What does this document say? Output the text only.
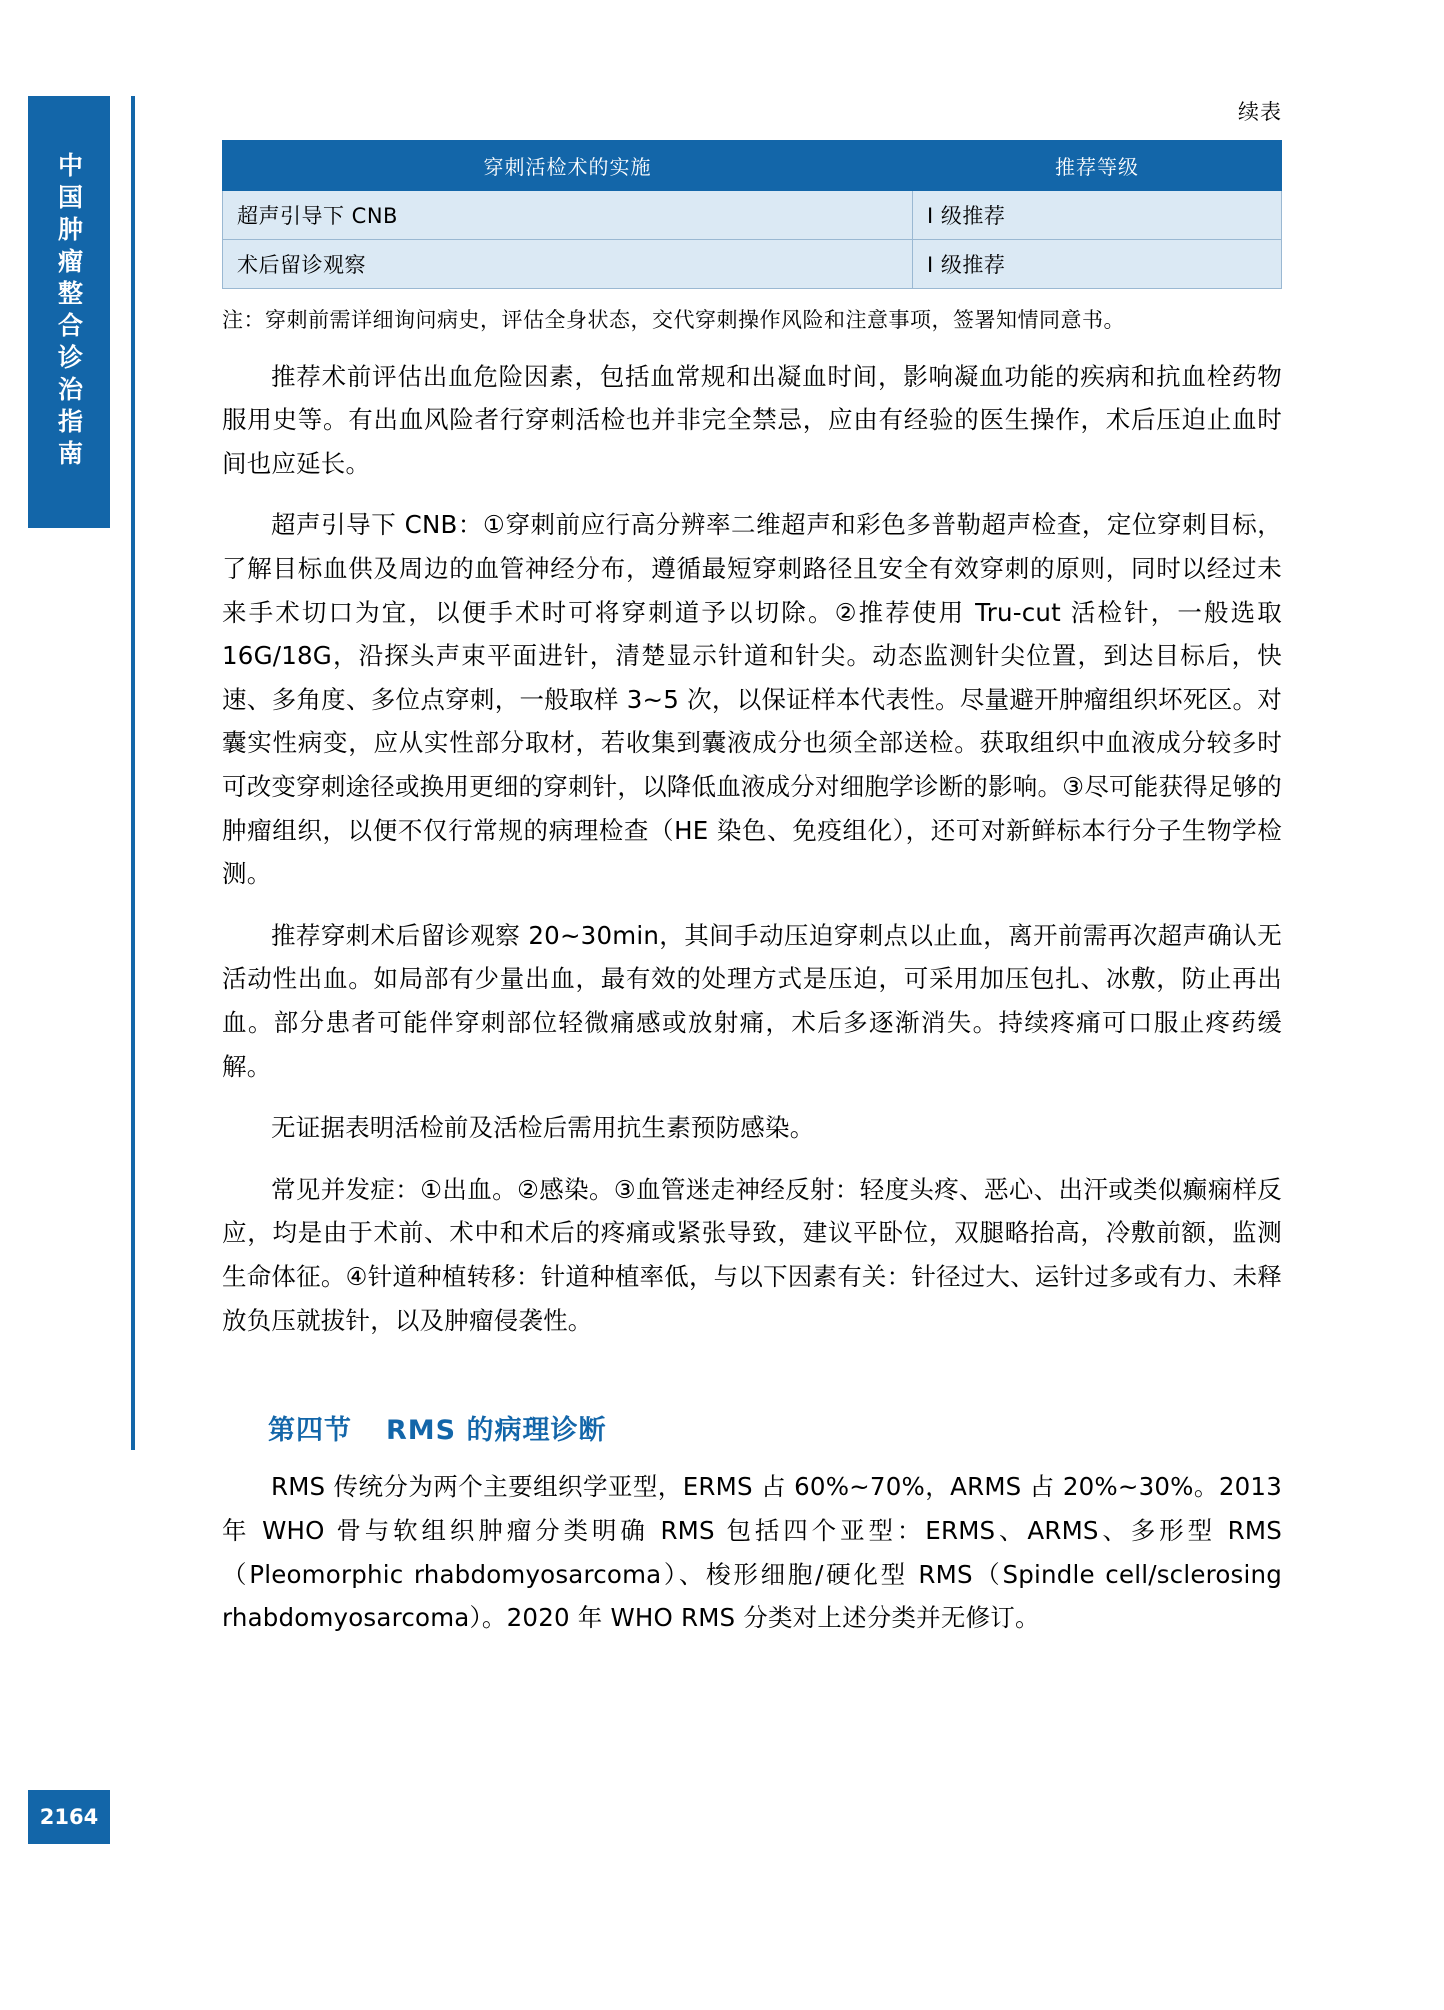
中国肿瘤整合诊治指南
2164
续表
穿刺活检术的实施	推荐等级
超声引导下 CNB	Ⅰ 级推荐
术后留诊观察	Ⅰ 级推荐
注：穿刺前需详细询问病史，评估全身状态，交代穿刺操作风险和注意事项，签署知情同意书。

推荐术前评估出血危险因素，包括血常规和出凝血时间，影响凝血功能的疾病和抗血栓药物服用史等。有出血风险者行穿刺活检也并非完全禁忌，应由有经验的医生操作，术后压迫止血时间也应延长。

超声引导下 CNB：①穿刺前应行高分辨率二维超声和彩色多普勒超声检查，定位穿刺目标，了解目标血供及周边的血管神经分布，遵循最短穿刺路径且安全有效穿刺的原则，同时以经过未来手术切口为宜，以便手术时可将穿刺道予以切除。②推荐使用 Tru-cut 活检针，一般选取 16G/18G，沿探头声束平面进针，清楚显示针道和针尖。动态监测针尖位置，到达目标后，快速、多角度、多位点穿刺，一般取样 3~5 次，以保证样本代表性。尽量避开肿瘤组织坏死区。对囊实性病变，应从实性部分取材，若收集到囊液成分也须全部送检。获取组织中血液成分较多时可改变穿刺途径或换用更细的穿刺针，以降低血液成分对细胞学诊断的影响。③尽可能获得足够的肿瘤组织，以便不仅行常规的病理检查（HE 染色、免疫组化），还可对新鲜标本行分子生物学检测。

推荐穿刺术后留诊观察 20~30min，其间手动压迫穿刺点以止血，离开前需再次超声确认无活动性出血。如局部有少量出血，最有效的处理方式是压迫，可采用加压包扎、冰敷，防止再出血。部分患者可能伴穿刺部位轻微痛感或放射痛，术后多逐渐消失。持续疼痛可口服止疼药缓解。

无证据表明活检前及活检后需用抗生素预防感染。

常见并发症：①出血。②感染。③血管迷走神经反射：轻度头疼、恶心、出汗或类似癫痫样反应，均是由于术前、术中和术后的疼痛或紧张导致，建议平卧位，双腿略抬高，冷敷前额，监测生命体征。④针道种植转移：针道种植率低，与以下因素有关：针径过大、运针过多或有力、未释放负压就拔针，以及肿瘤侵袭性。

第四节 RMS 的病理诊断

RMS 传统分为两个主要组织学亚型，ERMS 占 60%~70%，ARMS 占 20%~30%。2013 年 WHO 骨与软组织肿瘤分类明确 RMS 包括四个亚型：ERMS、ARMS、多形型 RMS（Pleomorphic rhabdomyosarcoma）、梭形细胞/硬化型 RMS（Spindle cell/sclerosing rhabdomyosarcoma）。2020 年 WHO RMS 分类对上述分类并无修订。
